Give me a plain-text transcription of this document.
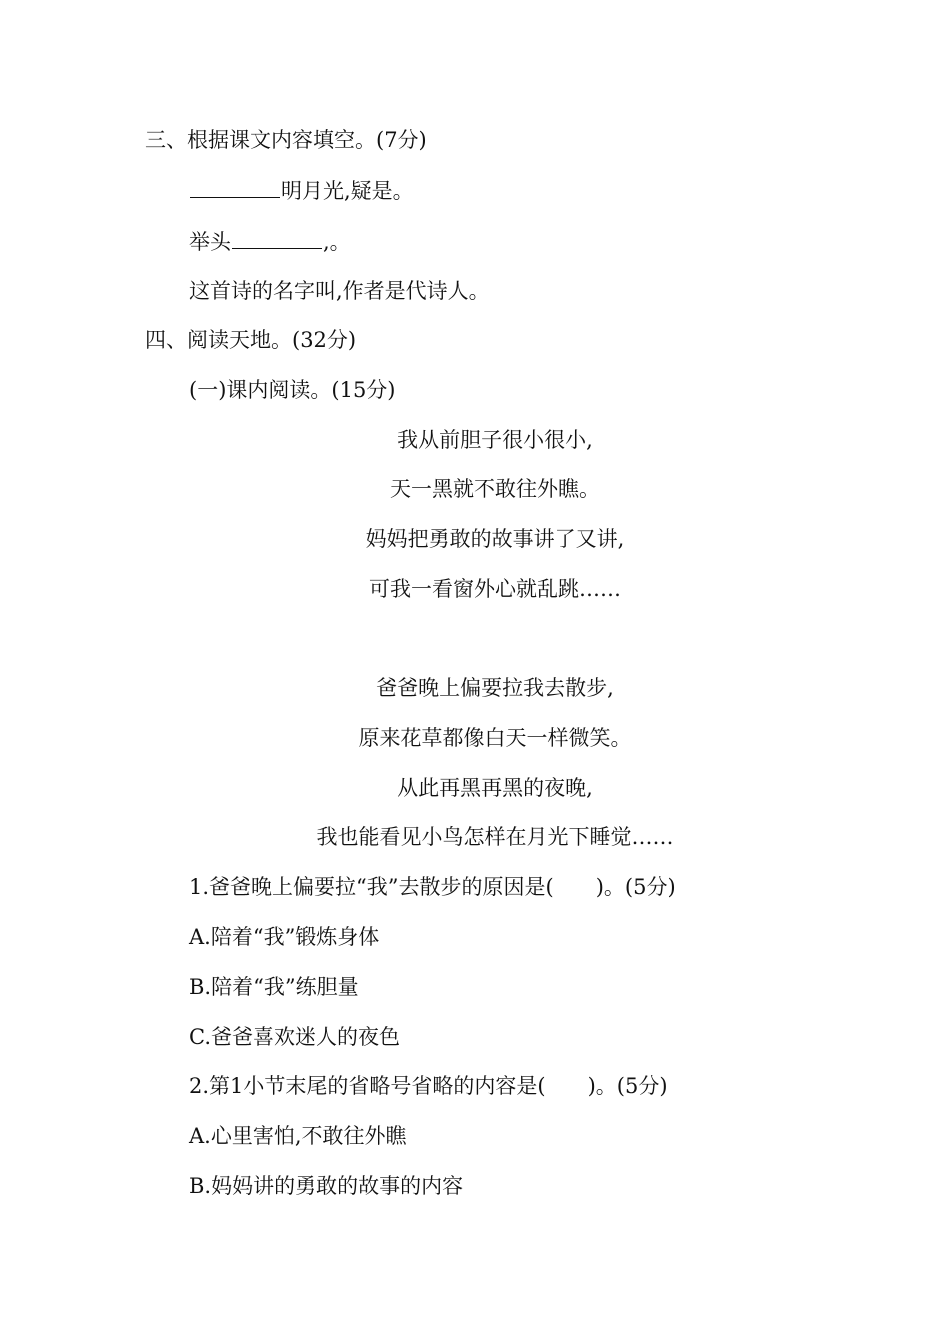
三、根据课文内容填空。(7分)
明月光,疑是。
举头	,。
这首诗的名字叫,作者是代诗人。
四、阅读天地。(32分)
(一)课内阅读。(15分)
我从前胆子很小很小,
天一黑就不敢往外瞧。
妈妈把勇敢的故事讲了又讲,
可我一看窗外心就乱跳……
爸爸晚上偏要拉我去散步,
原来花草都像白天一样微笑。
从此再黑再黑的夜晚,
我也能看见小鸟怎样在月光下睡觉……
1.爸爸晚上偏要拉“我”去散步的原因是(　　)。(5分)
A.陪着“我”锻炼身体
B.陪着“我”练胆量
C.爸爸喜欢迷人的夜色
2.第1小节末尾的省略号省略的内容是(　　)。(5分)
A.心里害怕,不敢往外瞧
B.妈妈讲的勇敢的故事的内容
